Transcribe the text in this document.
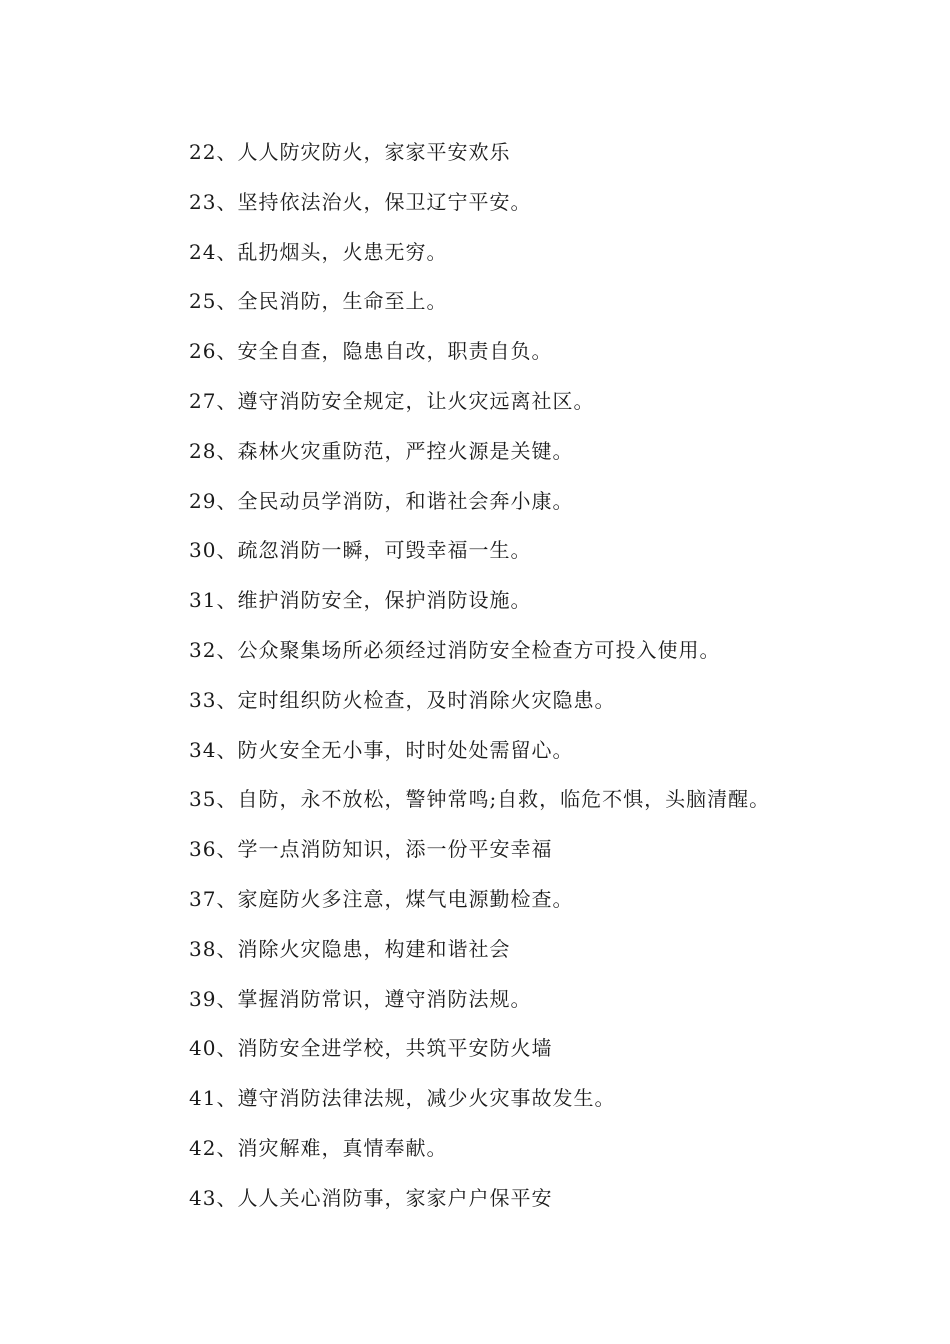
22、人人防灾防火，家家平安欢乐
23、坚持依法治火，保卫辽宁平安。
24、乱扔烟头，火患无穷。
25、全民消防，生命至上。
26、安全自查，隐患自改，职责自负。
27、遵守消防安全规定，让火灾远离社区。
28、森林火灾重防范，严控火源是关键。
29、全民动员学消防，和谐社会奔小康。
30、疏忽消防一瞬，可毁幸福一生。
31、维护消防安全，保护消防设施。
32、公众聚集场所必须经过消防安全检查方可投入使用。
33、定时组织防火检查，及时消除火灾隐患。
34、防火安全无小事，时时处处需留心。
35、自防，永不放松，警钟常鸣;自救，临危不惧，头脑清醒。
36、学一点消防知识，添一份平安幸福
37、家庭防火多注意，煤气电源勤检查。
38、消除火灾隐患，构建和谐社会
39、掌握消防常识，遵守消防法规。
40、消防安全进学校，共筑平安防火墙
41、遵守消防法律法规，减少火灾事故发生。
42、消灾解难，真情奉献。
43、人人关心消防事，家家户户保平安
